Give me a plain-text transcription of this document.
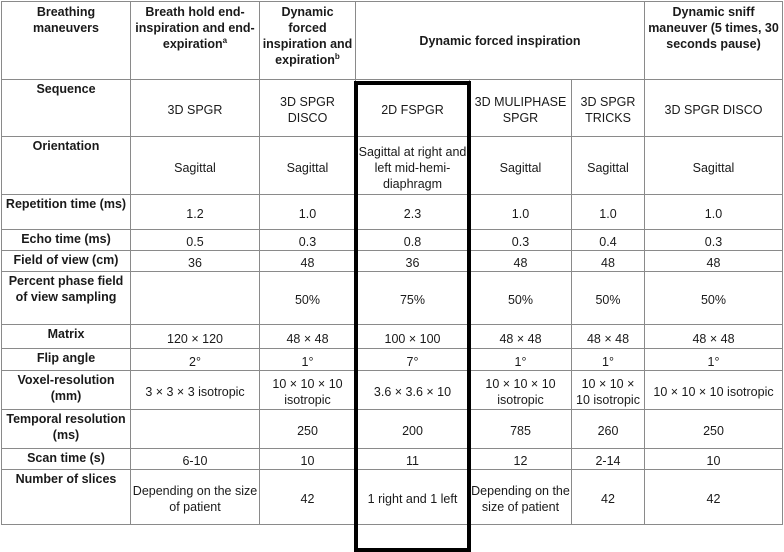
Breathing maneuvers	Breath hold end-inspiration and end-expiration$^a$	Dynamic forced inspiration and expiration$^b$	Dynamic forced inspiration			Dynamic sniff maneuver (5 times, 30 seconds pause)
Sequence	3D SPGR	3D SPGR DISCO	2D FSPGR	3D MULIPHASE SPGR	3D SPGR TRICKS	3D SPGR DISCO
Orientation	Sagittal	Sagittal	Sagittal at right and left mid-hemi-diaphragm	Sagittal	Sagittal	Sagittal
Repetition time (ms)	1.2	1.0	2.3	1.0	1.0	1.0
Echo time (ms)	0.5	0.3	0.8	0.3	0.4	0.3
Field of view (cm)	36	48	36	48	48	48
Percent phase field of view sampling		50%	75%	50%	50%	50%
Matrix	120 × 120	48 × 48	100 × 100	48 × 48	48 × 48	48 × 48
Flip angle	2°	1°	7°	1°	1°	1°
Voxel-resolution (mm)	3 × 3 × 3 isotropic	10 × 10 × 10 isotropic	3.6 × 3.6 × 10	10 × 10 × 10 isotropic	10 × 10 × 10 isotropic	10 × 10 × 10 isotropic
Temporal resolution (ms)		250	200	785	260	250
Scan time (s)	6-10	10	11	12	2-14	10
Number of slices	Depending on the size of patient	42	1 right and 1 left	Depending on the size of patient	42	42
